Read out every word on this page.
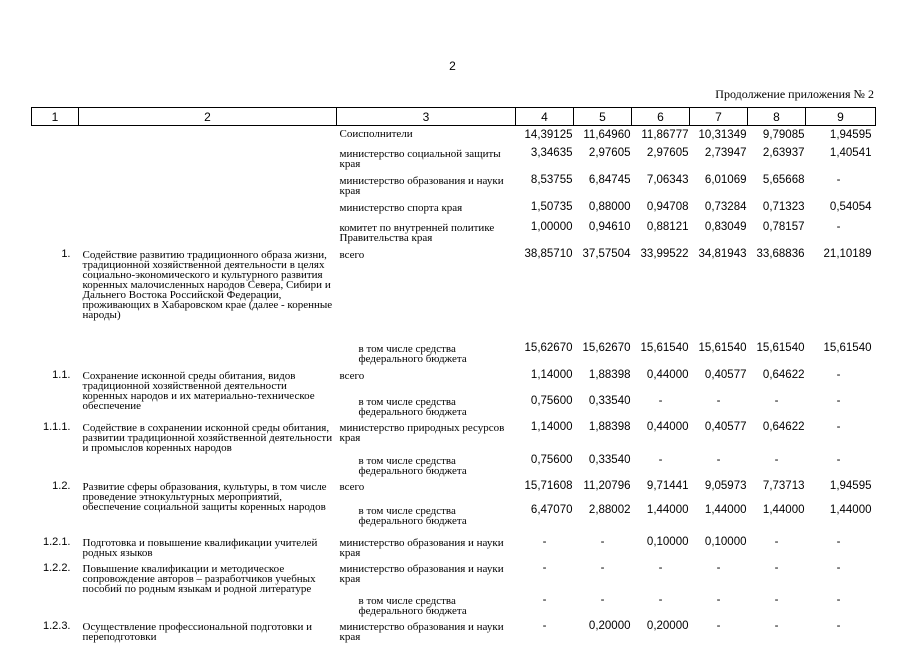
2
Продолжение приложения № 2
1	2	3	4	5	6	7	8	9
		Соисполнители	14,39125	11,64960	11,86777	10,31349	9,79085	1,94595
		министерство социальной защиты края	3,34635	2,97605	2,97605	2,73947	2,63937	1,40541
		министерство образования и науки края	8,53755	6,84745	7,06343	6,01069	5,65668	-
		министерство спорта края	1,50735	0,88000	0,94708	0,73284	0,71323	0,54054
		комитет по внутренней политике Правительства края	1,00000	0,94610	0,88121	0,83049	0,78157	-
1.	Содействие развитию традиционного образа жизни, традиционной хозяйственной деятельности в целях социально-экономического и культурного развития коренных малочисленных народов Севера, Сибири и Дальнего Востока Российской Федерации, проживающих в Хабаровском крае (далее - коренные народы)	всего	38,85710	37,57504	33,99522	34,81943	33,68836	21,10189
		в том числе средства федерального бюджета	15,62670	15,62670	15,61540	15,61540	15,61540	15,61540
1.1.	Сохранение исконной среды обитания, видов традиционной хозяйственной деятельности коренных народов и их материально-техническое обеспечение	всего	1,14000	1,88398	0,44000	0,40577	0,64622	-
		в том числе средства федерального бюджета	0,75600	0,33540	-	-	-	-
1.1.1.	Содействие в сохранении исконной среды обитания, развитии традиционной хозяйственной деятельности и промыслов коренных народов	министерство природных ресурсов края	1,14000	1,88398	0,44000	0,40577	0,64622	-
		в том числе средства федерального бюджета	0,75600	0,33540	-	-	-	-
1.2.	Развитие сферы образования, культуры, в том числе проведение этнокультурных мероприятий, обеспечение социальной защиты коренных народов	всего	15,71608	11,20796	9,71441	9,05973	7,73713	1,94595
		в том числе средства федерального бюджета	6,47070	2,88002	1,44000	1,44000	1,44000	1,44000
1.2.1.	Подготовка и повышение квалификации учителей родных языков	министерство образования и науки края	-	-	0,10000	0,10000	-	-
1.2.2.	Повышение квалификации и методическое сопровождение авторов – разработчиков учебных пособий по родным языкам и родной литературе	министерство образования и науки края	-	-	-	-	-	-
		в том числе средства федерального бюджета	-	-	-	-	-	-
1.2.3.	Осуществление профессиональной подготовки и переподготовки	министерство образования и науки края	-	0,20000	0,20000	-	-	-
